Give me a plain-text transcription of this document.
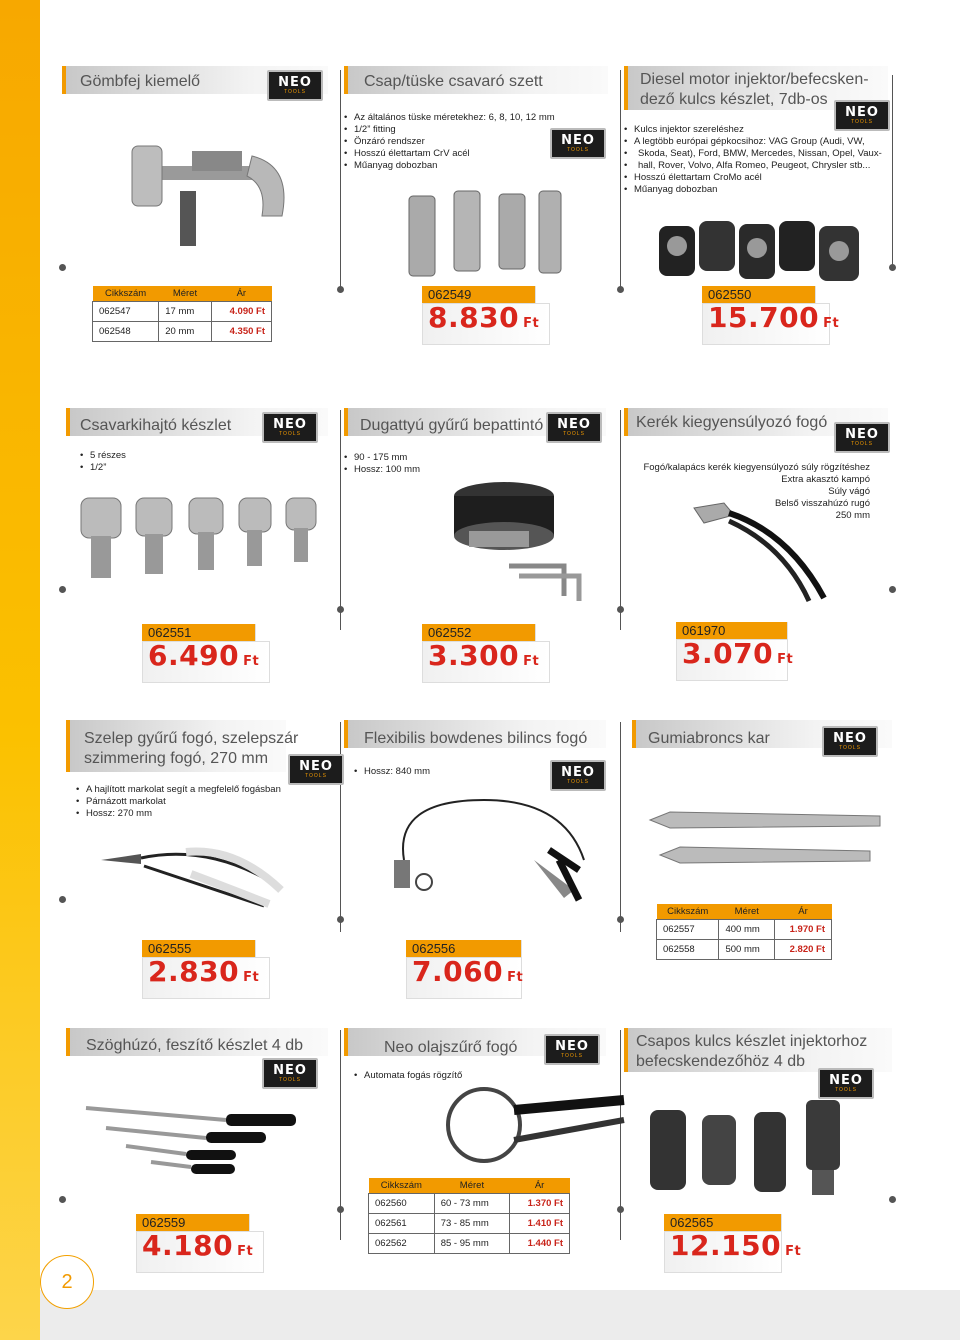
2
Gömbfej kiemelő	NEO
TOOLS
Cikkszám	Méret	Ár
062547	17 mm	4.090 Ft
062548	20 mm	4.350 Ft
Csap/tüske csavaró szett
• Az általános tüske méretekhez: 6, 8, 10, 12 mm
• 1/2” fitting
• Önzáró rendszer
• Hosszú élettartam CrV acél
• Műanyag dobozban
NEO
TOOLS
062549
8.830 Ft
Diesel motor injektor/befecsken-
dező kulcs készlet, 7db-os
NEO
TOOLS
• Kulcs injektor szereléshez
• A legtöbb európai gépkocsihoz: VAG Group (Audi, VW,
• Skoda, Seat), Ford, BMW, Mercedes, Nissan, Opel, Vaux-
• hall, Rover, Volvo, Alfa Romeo, Peugeot, Chrysler stb...
• Hosszú élettartam CroMo acél
• Műanyag dobozban
062550
15.700 Ft
Csavarkihajtó készlet	NEO
TOOLS
• 5 részes
• 1/2”
062551
6.490 Ft
Dugattyú gyűrű bepattintó	NEO
TOOLS
• 90 - 175 mm
• Hossz: 100 mm
062552
3.300 Ft
Kerék kiegyensúlyozó fogó
NEO
TOOLS
Fogó/kalapács kerék kiegyensúlyozó súly rögzítéshez
Extra akasztó kampó
Súly vágó
Belső visszahúzó rugó
250 mm
061970
3.070 Ft
Szelep gyűrű fogó, szelepszár
szimmering fogó, 270 mm	NEO
TOOLS
• A hajlított markolat segít a megfelelő fogásban
• Párnázott markolat
• Hossz: 270 mm
062555
2.830 Ft
Flexibilis bowdenes bilincs fogó
• Hossz: 840 mm	NEO
TOOLS
062556
7.060 Ft
Gumiabroncs kar	NEO
TOOLS
Cikkszám	Méret	Ár
062557	400 mm	1.970 Ft
062558	500 mm	2.820 Ft
Szöghúzó, feszítő készlet 4 db
NEO
TOOLS
062559
4.180 Ft
Neo olajszűrő fogó	NEO
TOOLS
• Automata fogás rögzítő
Cikkszám	Méret	Ár
062560	60 - 73 mm	1.370 Ft
062561	73 - 85 mm	1.410 Ft
062562	85 - 95 mm	1.440 Ft
Csapos kulcs készlet injektorhoz
befecskendezőhöz 4 db
NEO
TOOLS
062565
12.150 Ft
